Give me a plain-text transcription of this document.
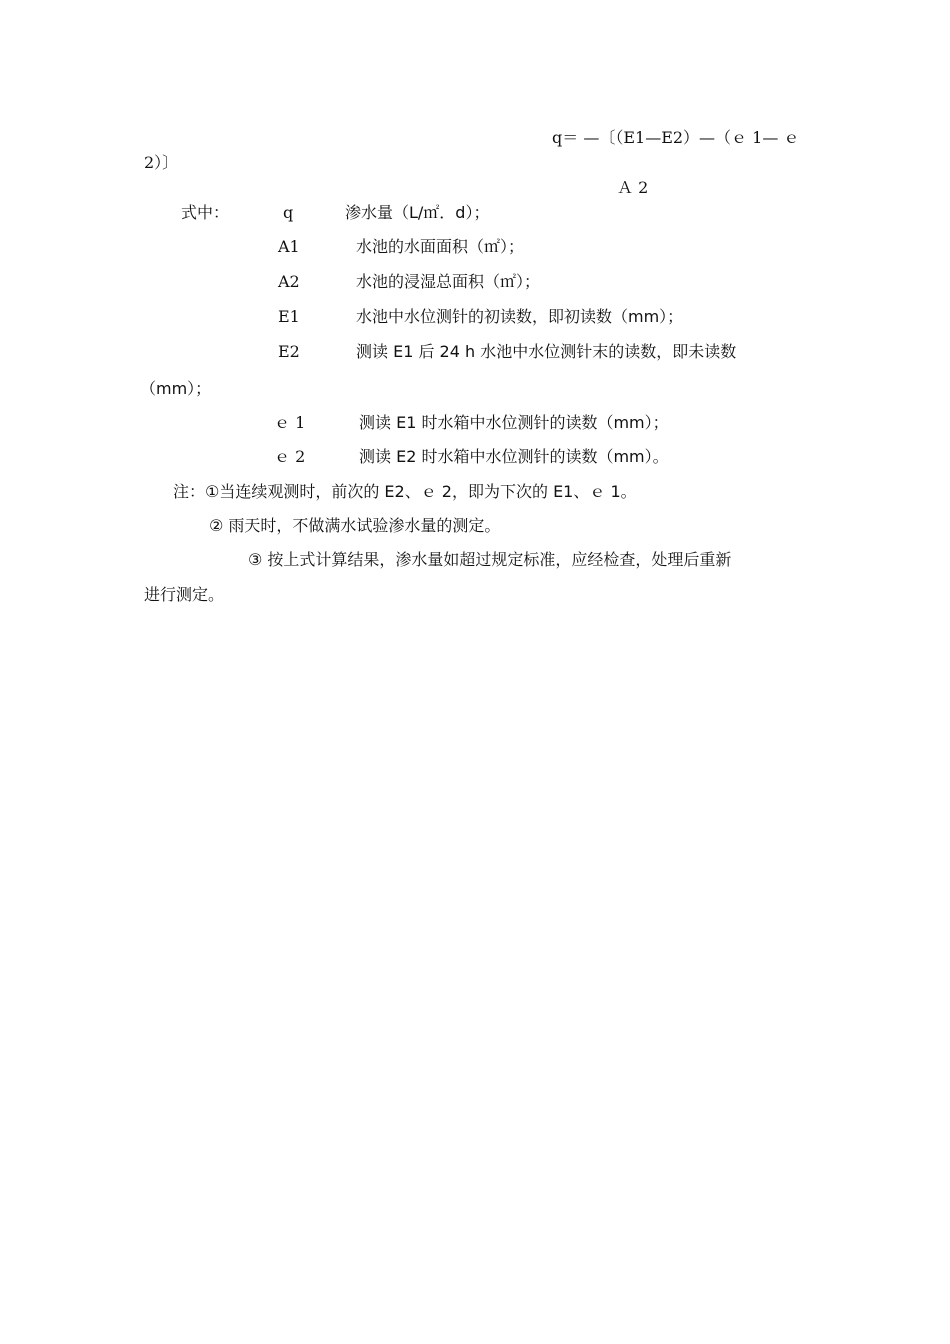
q＝ —〔（E1—E2）—（ｅ 1— ｅ
2）〕
Ａ 2
式中：	q	渗水量（L/㎡．d）；
A1	水池的水面面积（㎡）；
A2	水池的浸湿总面积（㎡）；
E1	水池中水位测针的初读数，即初读数（mm）；
E2	测读 E1 后 24 h 水池中水位测针末的读数，即未读数
（mm）；
ｅ 1	测读 E1 时水箱中水位测针的读数（mm）；
ｅ 2	测读 E2 时水箱中水位测针的读数（mm）。
注：①当连续观测时，前次的 E2、ｅ 2，即为下次的 E1、ｅ 1。
② 雨天时，不做满水试验渗水量的测定。
③ 按上式计算结果，渗水量如超过规定标准，应经检查，处理后重新
进行测定。
